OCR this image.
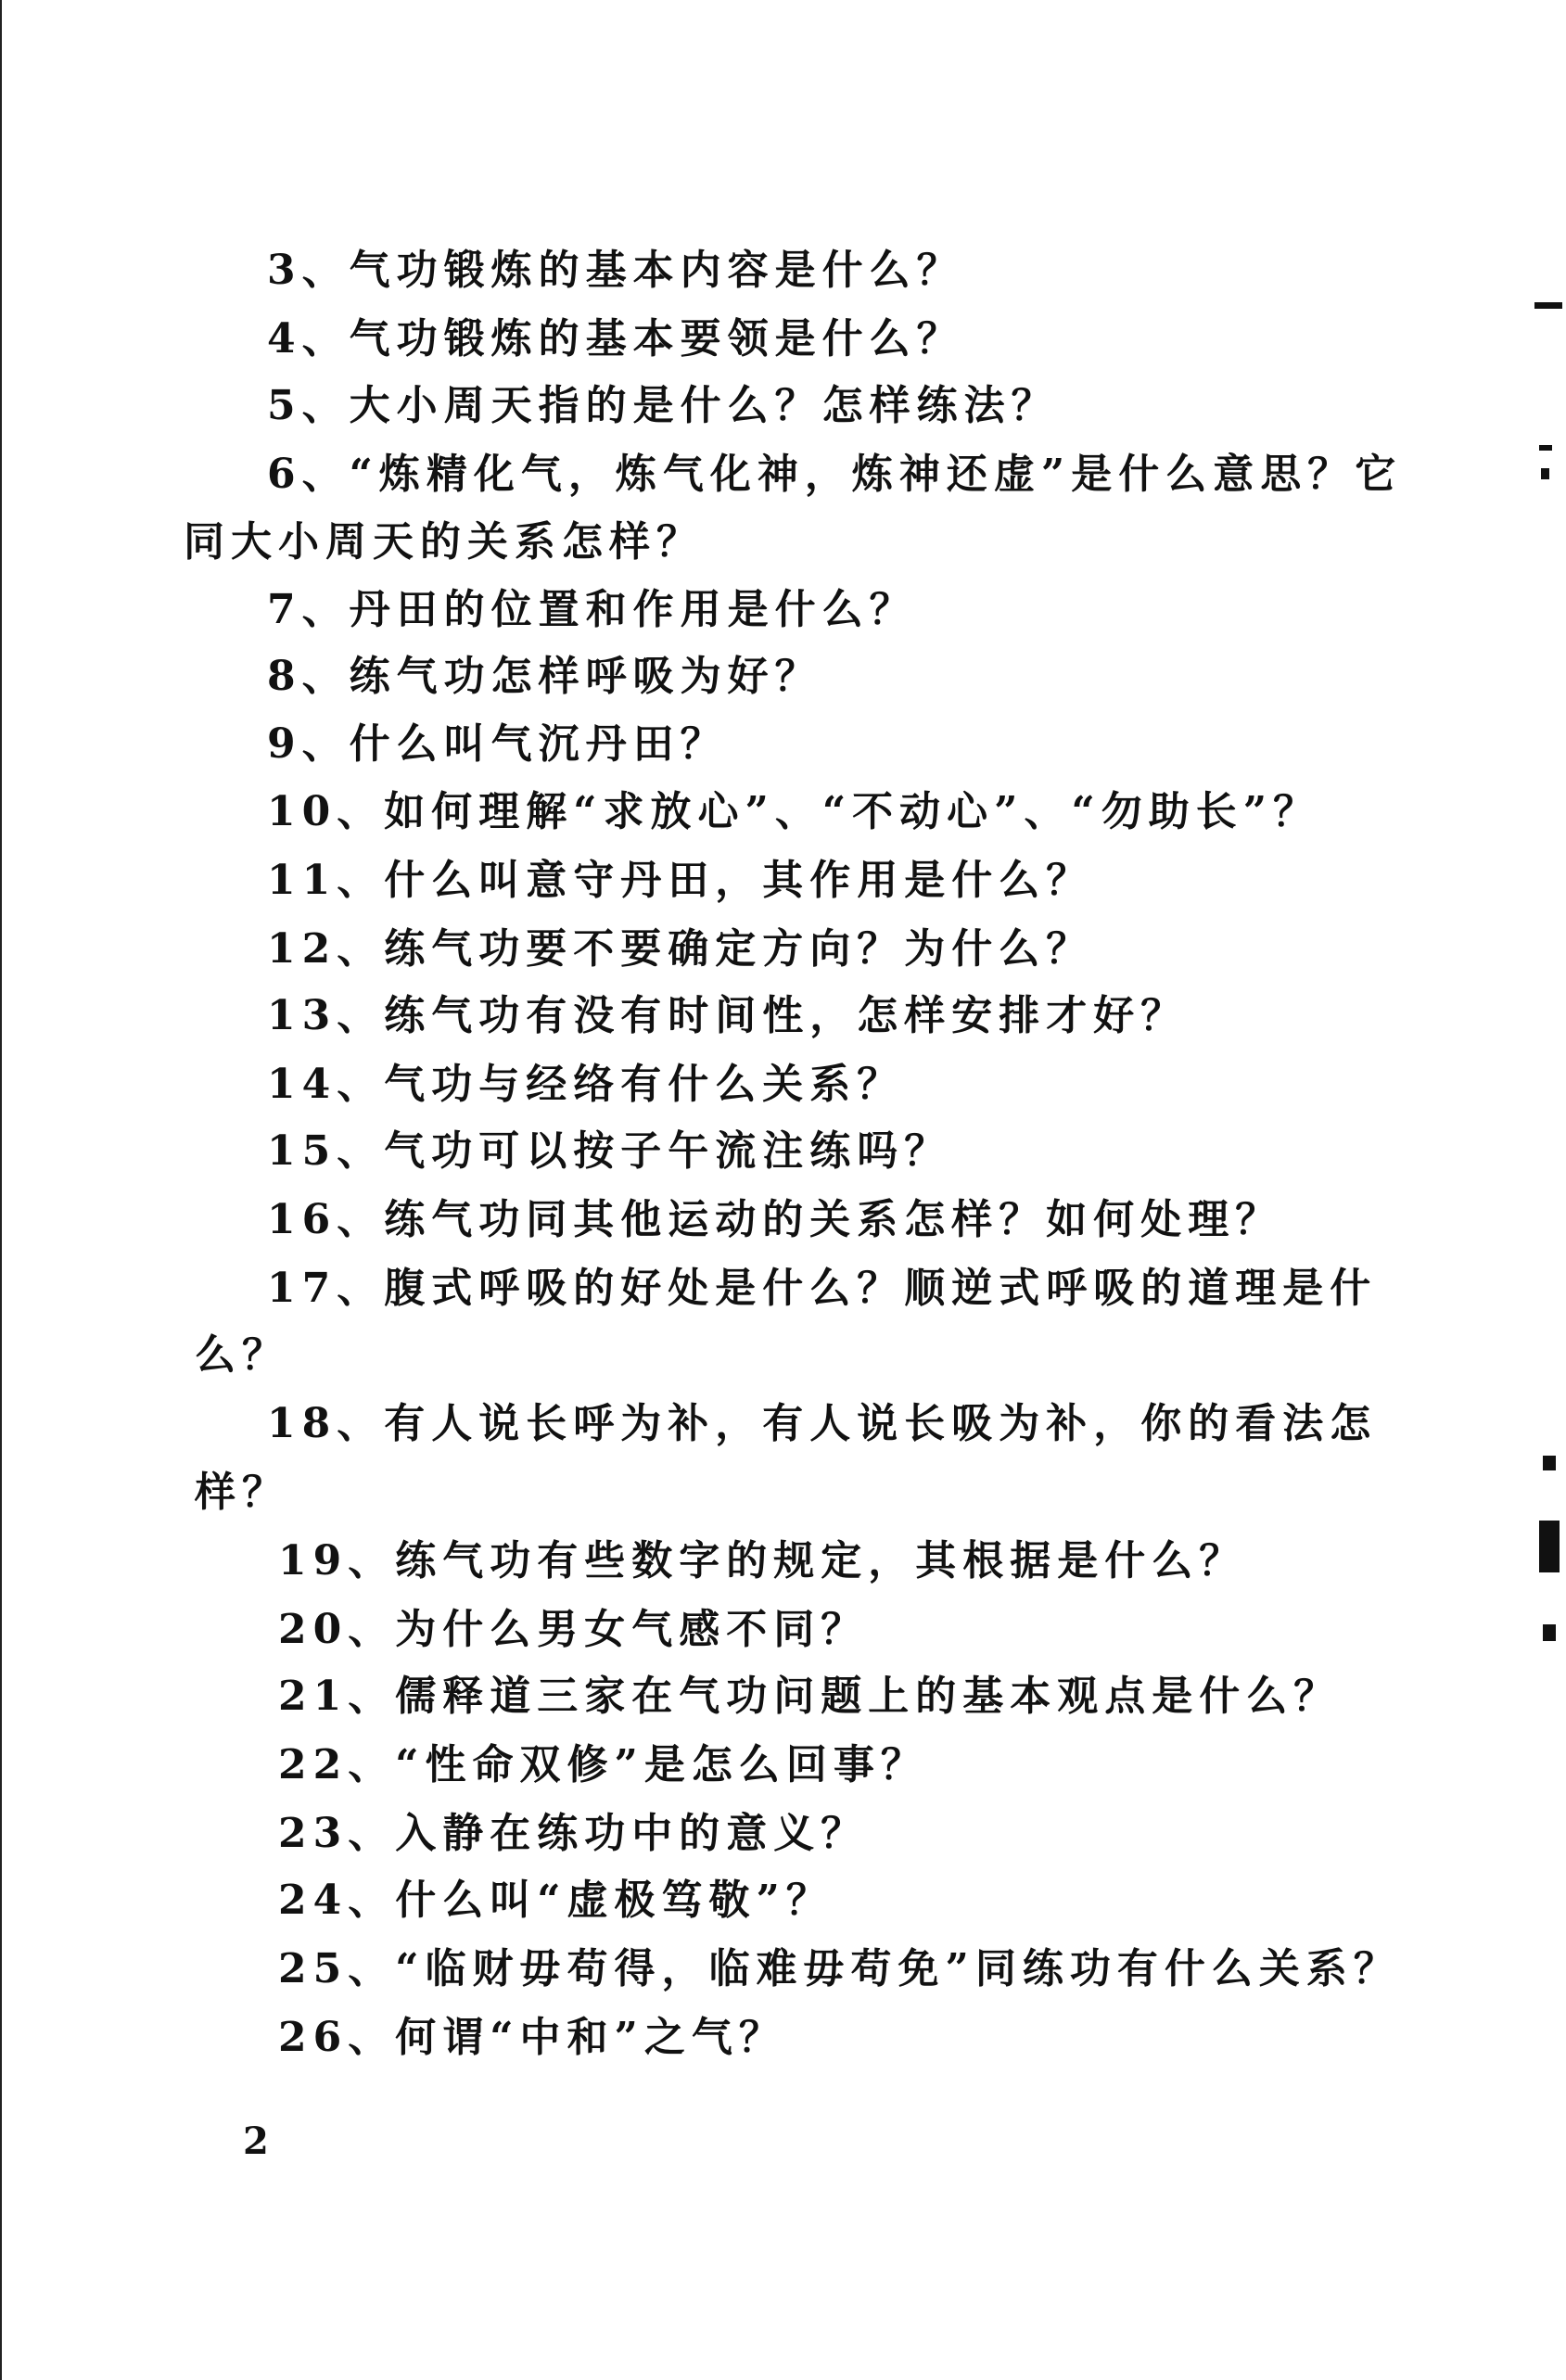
3、气功锻炼的基本内容是什么？
4、气功锻炼的基本要领是什么？
5、大小周天指的是什么？怎样练法？
6、“炼精化气，炼气化神，炼神还虚”是什么意思？它
同大小周天的关系怎样？
7、丹田的位置和作用是什么？
8、练气功怎样呼吸为好？
9、什么叫气沉丹田？
10、如何理解“求放心”、“不动心”、“勿助长”？
11、什么叫意守丹田，其作用是什么？
12、练气功要不要确定方向？为什么？
13、练气功有没有时间性，怎样安排才好？
14、气功与经络有什么关系？
15、气功可以按子午流注练吗？
16、练气功同其他运动的关系怎样？如何处理？
17、腹式呼吸的好处是什么？顺逆式呼吸的道理是什
么？
18、有人说长呼为补，有人说长吸为补，你的看法怎
样？
19、练气功有些数字的规定，其根据是什么？
20、为什么男女气感不同？
21、儒释道三家在气功问题上的基本观点是什么？
22、“性命双修”是怎么回事？
23、入静在练功中的意义？
24、什么叫“虚极笃敬”？
25、“临财毋苟得，临难毋苟免”同练功有什么关系？
26、何谓“中和”之气？
2
